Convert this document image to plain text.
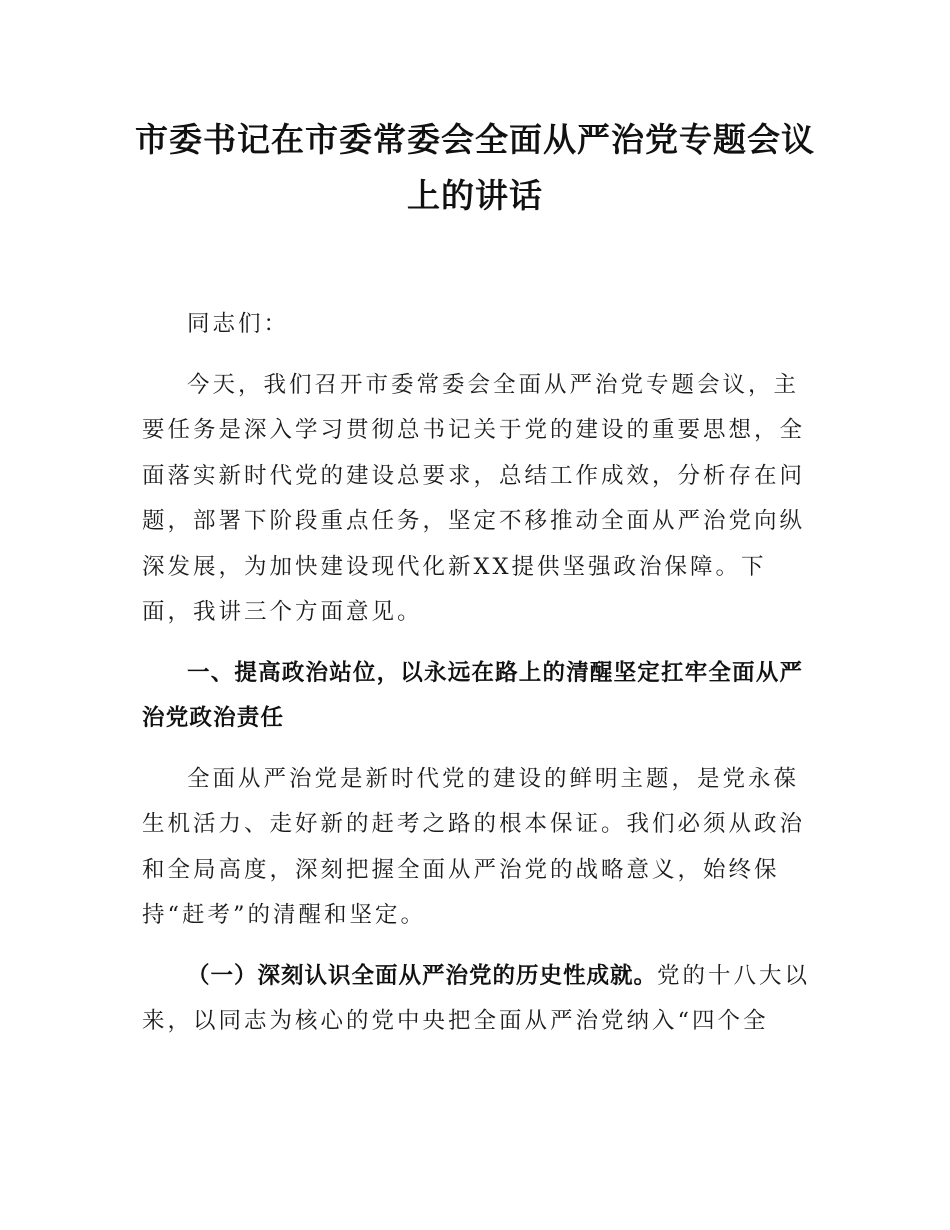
市委书记在市委常委会全面从严治党专题会议上的讲话

同志们：

今天，我们召开市委常委会全面从严治党专题会议，主要任务是深入学习贯彻总书记关于党的建设的重要思想，全面落实新时代党的建设总要求，总结工作成效，分析存在问题，部署下阶段重点任务，坚定不移推动全面从严治党向纵深发展，为加快建设现代化新XX提供坚强政治保障。下面，我讲三个方面意见。

一、提高政治站位，以永远在路上的清醒坚定扛牢全面从严治党政治责任

全面从严治党是新时代党的建设的鲜明主题，是党永葆生机活力、走好新的赶考之路的根本保证。我们必须从政治和全局高度，深刻把握全面从严治党的战略意义，始终保持“赶考”的清醒和坚定。

（一）深刻认识全面从严治党的历史性成就。党的十八大以来，以同志为核心的党中央把全面从严治党纳入“四个全
